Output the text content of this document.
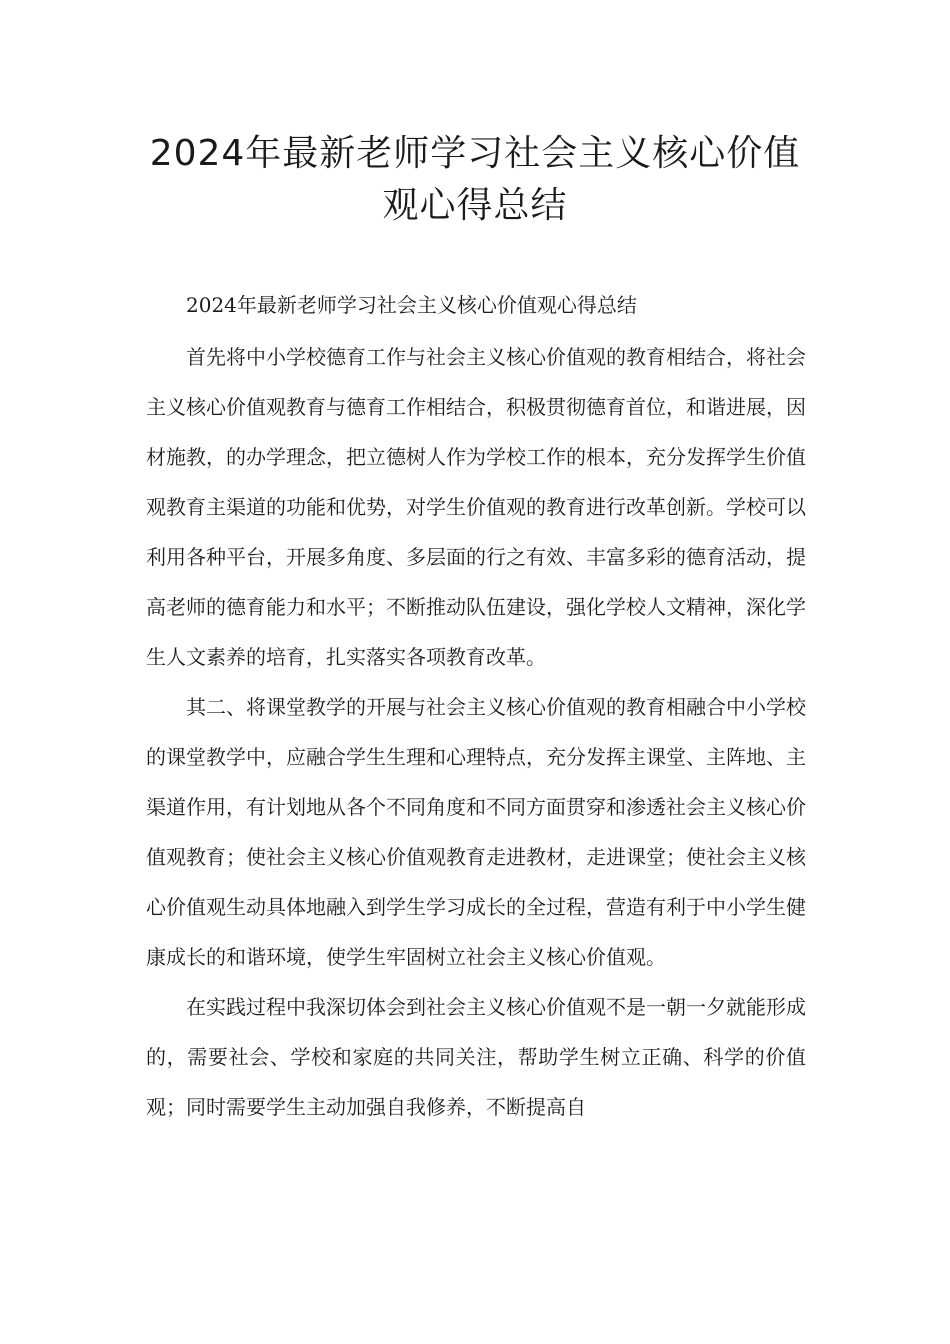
2024年最新老师学习社会主义核心价值
观心得总结

2024年最新老师学习社会主义核心价值观心得总结

首先将中小学校德育工作与社会主义核心价值观的教育相结合，将社会主义核心价值观教育与德育工作相结合，积极贯彻德育首位，和谐进展，因材施教，的办学理念，把立德树人作为学校工作的根本，充分发挥学生价值观教育主渠道的功能和优势，对学生价值观的教育进行改革创新。学校可以利用各种平台，开展多角度、多层面的行之有效、丰富多彩的德育活动，提高老师的德育能力和水平；不断推动队伍建设，强化学校人文精神，深化学生人文素养的培育，扎实落实各项教育改革。

其二、将课堂教学的开展与社会主义核心价值观的教育相融合中小学校的课堂教学中，应融合学生生理和心理特点，充分发挥主课堂、主阵地、主渠道作用，有计划地从各个不同角度和不同方面贯穿和渗透社会主义核心价值观教育；使社会主义核心价值观教育走进教材，走进课堂；使社会主义核心价值观生动具体地融入到学生学习成长的全过程，营造有利于中小学生健康成长的和谐环境，使学生牢固树立社会主义核心价值观。

在实践过程中我深切体会到社会主义核心价值观不是一朝一夕就能形成的，需要社会、学校和家庭的共同关注，帮助学生树立正确、科学的价值观；同时需要学生主动加强自我修养，不断提高自
